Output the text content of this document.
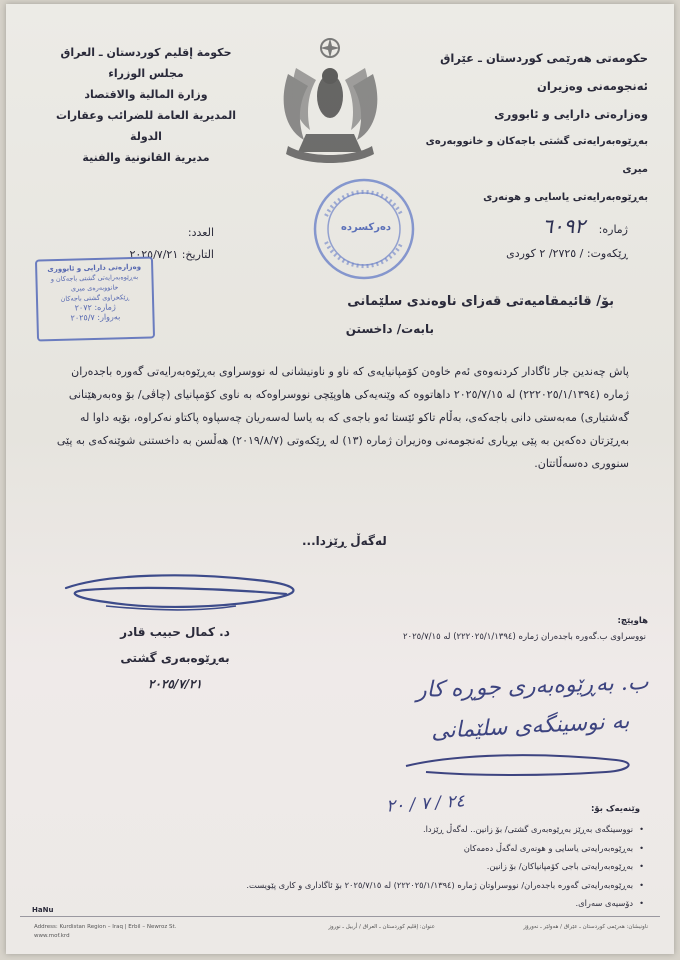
حکومەتی هەرێمی کوردستان ـ عێراق
ئەنجومەنی وەزیران
وەزارەتی دارایی و ئابووری
بەڕێوەبەرایەتی گشتی باجەکان و خانووبەرەی میری
بەڕێوەبەرایەتی یاسایی و هونەری
حكومة إقليم كوردستان ـ العراق
مجلس الوزراء
وزارة المالية والاقتصاد
المديرية العامة للضرائب وعقارات الدولة
مديرية القانونية والفنية
ژمارە: ٦٠٩٢
ڕێکەوت: / ٢٧٢٥/ ٢ کوردی
العدد:
التاريخ: ٢٠٢٥/٧/٢١
دەرکسردە
وەزارەتی دارایی و ئابووری
بەڕێوەبەرایەتی گشتی باجەکان و خانووبەرەی میری
ڕێکخراوی گشتی باجەکان
ژمارە: ٢٠٧٢
بەروار: ٢٠٢٥/٧
بۆ/ قائیمقامیەتی قەزای ناوەندی سلێمانی
بابەت/ داخستن
پاش چەندین جار ئاگادار کردنەوەی ئەم خاوەن کۆمپانیایەی کە ناو و ناونیشانی لە نووسراوی بەڕێوەبەرایەتی گەورە باجدەران ژمارە (٢٢٢٠٢٥/١/١٣٩٤) لە ٢٠٢٥/٧/١٥ داهاتووە کە وێنەیەکی هاوپێچی نووسراوەکە بە ناوی کۆمپانیای (چاڤی/ بۆ وەبەرهێنانی گەشتیاری) مەبەستی دانی باجەکەی، بەڵام تاکو ئێستا ئەو باجەی کە بە یاسا لەسەریان چەسپاوە پاکتاو نەکراوە، بۆیە داوا لە بەڕێزتان دەکەین بە پێی بڕیاری ئەنجومەنی وەزیران ژمارە (١٣) لە ڕێکەوتی (٢٠١٩/٨/٧) هەڵسن بە داخستنی شوێنەکەی بە پێی سنووری دەسەڵاتتان.
لەگەڵ ڕێزدا...
د. کمال حبیب قادر
بەڕێوەبەری گشتی
٢٠٢٥/٧/٢١
هاوپێچ:
نووسراوی ب.گەورە باجدەران ژمارە (٢٢٢٠٢٥/١/١٣٩٤) لە ٢٠٢٥/٧/١٥
ب. بەڕێوەبەری جوڕە کار
بە نوسینگەی سلێمانی
٢٤ / ٧ / ٢٠	وێنەیەک بۆ:
• نووسینگەی بەڕێز بەڕێوەبەری گشتی/ بۆ زانین.. لەگەڵ ڕێزدا.
• بەڕێوەبەرایەتی یاسایی و هونەری لەگەڵ دەمەکان
• بەڕێوەبەرایەتی باجی کۆمپانیاکان/ بۆ زانین.
• بەڕێوەبەرایەتی گەورە باجدەران/ نووسراوتان ژمارە (٢٢٢٠٢٥/١/١٣٩٤) لە ٢٠٢٥/٧/١٥ بۆ ئاگاداری و کاری پێویست.
• دۆسیەی سەرای.
HaNu
Address: Kurdistan Region – Iraq | Erbil – Newroz St. www.mof.krd
عنوان: إقليم كوردستان ـ العراق / أربيل ـ نوروز	ناونیشان: هەرێمی کوردستان ـ عێراق / هەولێر ـ نەورۆز
